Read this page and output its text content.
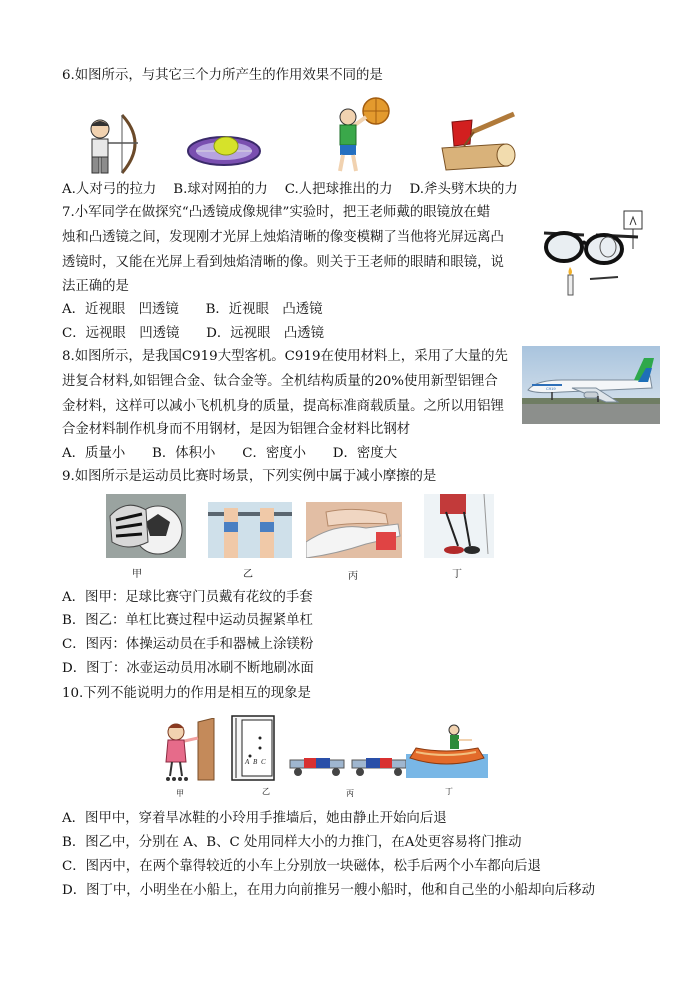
6.如图所示，与其它三个力所产生的作用效果不同的是
A.人对弓的拉力    B.球对网拍的力    C.人把球推出的力    D.斧头劈木块的力
7.小军同学在做探究“凸透镜成像规律”实验时，把王老师戴的眼镜放在蜡
烛和凸透镜之间，发现刚才光屏上烛焰清晰的像变模糊了当他将光屏远离凸
透镜时，又能在光屏上看到烛焰清晰的像。则关于王老师的眼睛和眼镜，说
法正确的是
A．近视眼　凹透镜　　B．近视眼　凸透镜
C．远视眼　凹透镜　　D．远视眼　凸透镜
8.如图所示，是我国C919大型客机。C919在使用材料上，采用了大量的先
进复合材料,如铝锂合金、钛合金等。全机结构质量的20%使用新型铝锂合
金材料，这样可以减小飞机机身的质量，提高标准商载质量。之所以用铝锂
合金材料制作机身而不用钢材，是因为铝锂合金材料比钢材
A．质量小　　B．体积小　　C．密度小　　D．密度大
C919
9.如图所示是运动员比赛时场景，下列实例中属于减小摩擦的是
甲	乙	丙	丁
A．图甲：足球比赛守门员戴有花纹的手套
B．图乙：单杠比赛过程中运动员握紧单杠
C．图丙：体操运动员在手和器械上涂镁粉
D．图丁：冰壶运动员用冰刷不断地刷冰面
10.下列不能说明力的作用是相互的现象是
A B C
甲	乙	丙	丁
A．图甲中，穿着旱冰鞋的小玲用手推墙后，她由静止开始向后退
B．图乙中，分别在 A、B、C 处用同样大小的力推门，在A处更容易将门推动
C．图丙中，在两个靠得较近的小车上分别放一块磁体，松手后两个小车都向后退
D．图丁中，小明坐在小船上，在用力向前推另一艘小船时，他和自己坐的小船却向后移动
